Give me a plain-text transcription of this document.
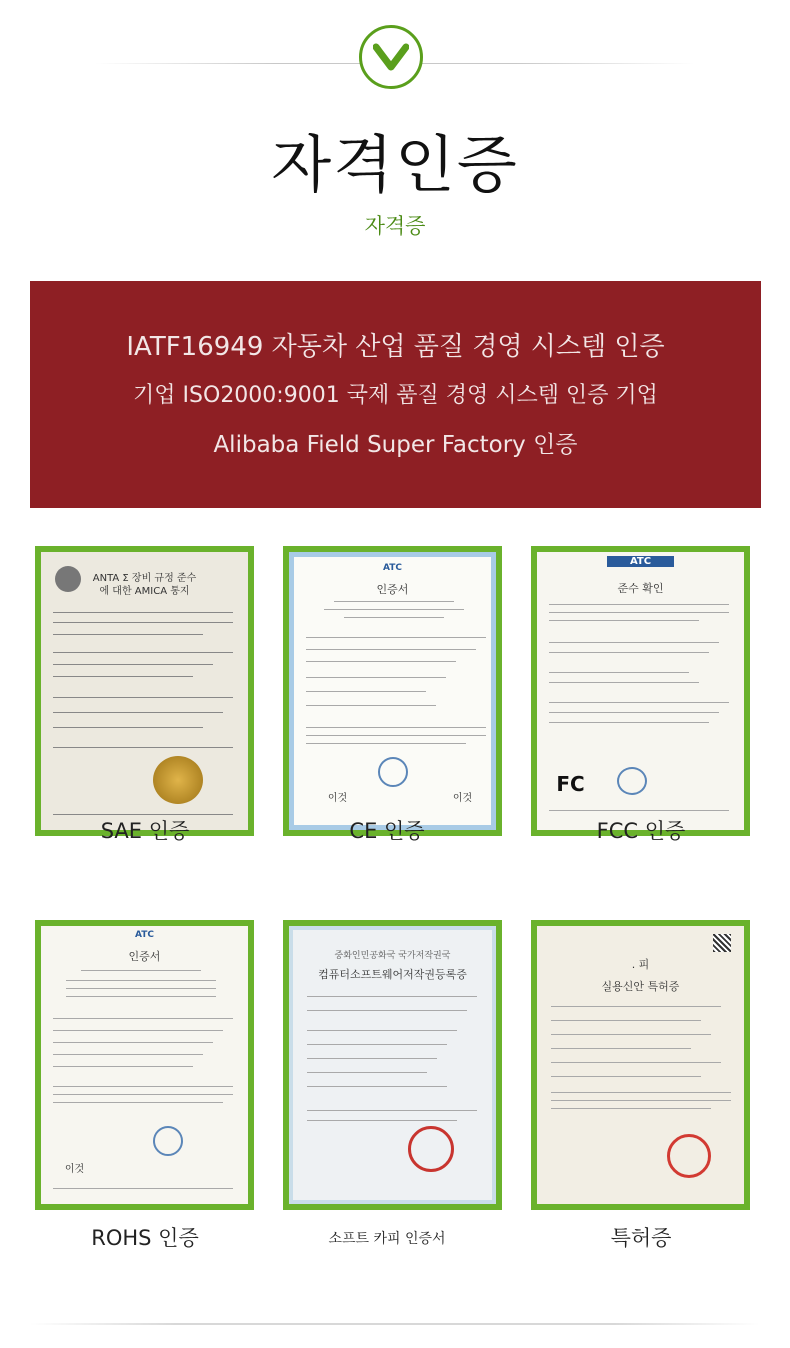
자격인증
자격증

IATF16949 자동차 산업 품질 경영 시스템 인증

기업 ISO2000:9001 국제 품질 경영 시스템 인증 기업

Alibaba Field Super Factory 인증

ANTA Σ 장비 규정 준수
에 대한 AMICA 통지
SAE 인증
ATC
인증서
이것	이것
CE 인증
ATC
준수 확인
FC
FCC 인증
ATC
인증서
이것
ROHS 인증
중화인민공화국 국가저작권국
컴퓨터소프트웨어저작권등록증
소프트 카피 인증서
. 피
실용신안 특허증
특허증
